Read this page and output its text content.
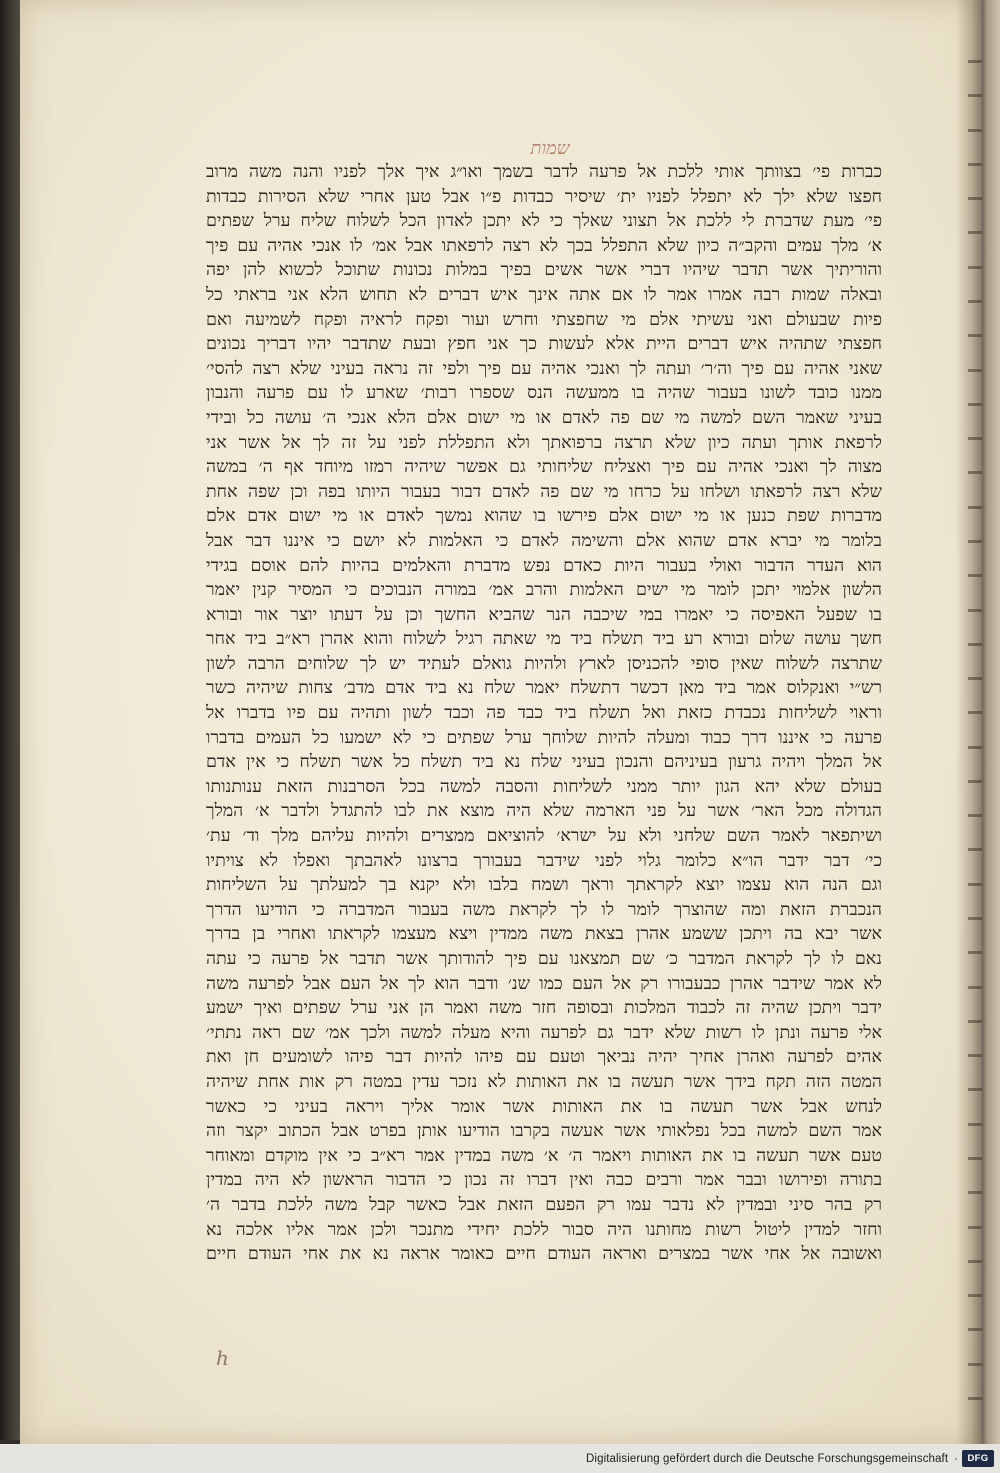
שמות
כברות פי׳ בצוותך אותי ללכת אל פרעה לדבר בשמך ואו״ג איך אלך לפניו והנה משה מרוב
חפצו שלא ילך לא יתפלל לפניו ית׳ שיסיר כבדות פ״ו אבל טען אחרי שלא הסירות כבדות
פי׳ מעת שדברת לי ללכת אל תצוני שאלך כי לא יתכן לאדון הכל לשלוח שליח ערל שפתים
א׳ מלך עמים והקב״ה כיון שלא התפלל בכך לא רצה לרפאתו אבל אמ׳ לו אנכי אהיה עם פיך
והוריתיך אשר תדבר שיהיו דברי אשר אשים בפיך במלות נכונות שתוכל לכשוא להן יפה
ובאלה שמות רבה אמרו אמר לו אם אתה אינך איש דברים לא תחוש הלא אני בראתי כל
פיות שבעולם ואני עשיתי אלם מי שחפצתי וחרש ועור ופקח לראיה ופקח לשמיעה ואם
חפצתי שתהיה איש דברים היית אלא לעשות כך אני חפץ ובעת שתדבר יהיו דבריך נכונים
שאני אהיה עם פיך וה׳ר׳ ועתה לך ואנכי אהיה עם פיך ולפי זה נראה בעיני שלא רצה להסי׳
ממנו כובד לשונו בעבור שהיה בו ממעשה הנס שספרו רבות׳ שארע לו עם פרעה והנבון
בעיני שאמר השם למשה מי שם פה לאדם או מי ישום אלם הלא אנכי ה׳ עושה כל ובידי
לרפאת אותך ועתה כיון שלא תרצה ברפואתך ולא התפללת לפני על זה לך אל אשר אני
מצוה לך ואנכי אהיה עם פיך ואצליח שליחותי גם אפשר שיהיה רמזו מיוחד אף ה׳ במשה
שלא רצה לרפאתו ושלחו על כרחו מי שם פה לאדם דבור בעבור היותו בפה וכן שפה אחת
מדברות שפת כנען או מי ישום אלם פירשו בו שהוא נמשך לאדם או מי ישום אדם אלם
בלומר מי יברא אדם שהוא אלם והשימה לאדם כי האלמות לא יושם כי איננו דבר אבל
הוא העדר הדבור ואולי בעבור היות כאדם נפש מדברת והאלמים בהיות להם אוסם בגידי
הלשון אלמוי יתכן לומר מי ישים האלמות והרב אמ׳ במורה הנבוכים כי המסיר קנין יאמר
בו שפעל האפיסה כי יאמרו במי שיכבה הנר שהביא החשך וכן על דעתו יוצר אור ובורא
חשך עושה שלום ובורא רע ביד תשלח ביד מי שאתה רגיל לשלוח והוא אהרן רא״ב ביד אחר
שתרצה לשלוח שאין סופי להכניסן לארץ ולהיות גואלם לעתיד יש לך שלוחים הרבה לשון
רש״י ואנקלוס אמר ביד מאן דכשר דתשלח יאמר שלח נא ביד אדם מדב׳ צחות שיהיה כשר
וראוי לשליחות נכבדת כזאת ואל תשלח ביד כבד פה וכבד לשון ותהיה עם פיו בדברו אל
פרעה כי איננו דרך כבוד ומעלה להיות שלוחך ערל שפתים כי לא ישמעו כל העמים בדברו
אל המלך ויהיה גרעון בעיניהם והנכון בעיני שלח נא ביד תשלח כל אשר תשלח כי אין אדם
בעולם שלא יהא הגון יותר ממני לשליחות והסבה למשה בכל הסרבנות הזאת ענותנותו
הגדולה מכל האר׳ אשר על פני הארמה שלא היה מוצא את לבו להתגדל ולדבר א׳ המלך
ושיתפאר לאמר השם שלחני ולא על ישרא׳ להוציאם ממצרים ולהיות עליהם מלך וד׳ עת׳
כי׳ דבר ידבר הו״א כלומר גלוי לפני שידבר בעבורך ברצונו לאהבתך ואפלו לא צויתיו
וגם הנה הוא עצמו יוצא לקראתך וראך ושמח בלבו ולא יקנא בך למעלתך על השליחות
הנכברת הזאת ומה שהוצרך לומר לו לך לקראת משה בעבור המדברה כי הודיעו הדרך
אשר יבא בה ויתכן ששמע אהרן בצאת משה ממדין ויצא מעצמו לקראתו ואחרי בן בדרך
נאם לו לך לקראת המדבר כ׳ שם תמצאנו עם פיך להודותך אשר תדבר אל פרעה כי עתה
לא אמר שידבר אהרן כבעבורו רק אל העם כמו שנ׳ ודבר הוא לך אל העם אבל לפרעה משה
ידבר ויתכן שהיה זה לכבוד המלכות ובסופה חזר משה ואמר הן אני ערל שפתים ואיך ישמע
אלי פרעה ונתן לו רשות שלא ידבר גם לפרעה והיא מעלה למשה ולכך אמ׳ שם ראה נתתי׳
אהים לפרעה ואהרן אחיך יהיה נביאך וטעם עם פיהו להיות דבר פיהו לשומעים חן ואת
המטה הזה תקח בידך אשר תעשה בו את האותות לא נזכר עדין במטה רק אות אחת שיהיה
לנחש אבל אשר תעשה בו את האותות אשר אומר אליך ויראה בעיני כי כאשר
אמר השם למשה בכל נפלאותי אשר אעשה בקרבו הודיעו אותן בפרט אבל הכתוב יקצר וזה
טעם אשר תעשה בו את האותות ויאמר ה׳ א׳ משה במדין אמר רא״ב כי אין מוקדם ומאוחר
בתורה ופירושו ובבר אמר ורבים כבה ואין דברו זה נכון כי הדבור הראשון לא היה במדין
רק בהר סיני ובמדין לא נדבר עמו רק הפעם הזאת אבל כאשר קבל משה ללכת בדבר ה׳
וחזר למדין ליטול רשות מחותנו היה סבור ללכת יחידי מתנכר ולכן אמר אליו אלכה נא
ואשובה אל אחי אשר במצרים ואראה העודם חיים כאומר אראה נא את אחי העודם חיים
h
Digitalisierung gefördert durch die Deutsche Forschungsgemeinschaft · DFG
